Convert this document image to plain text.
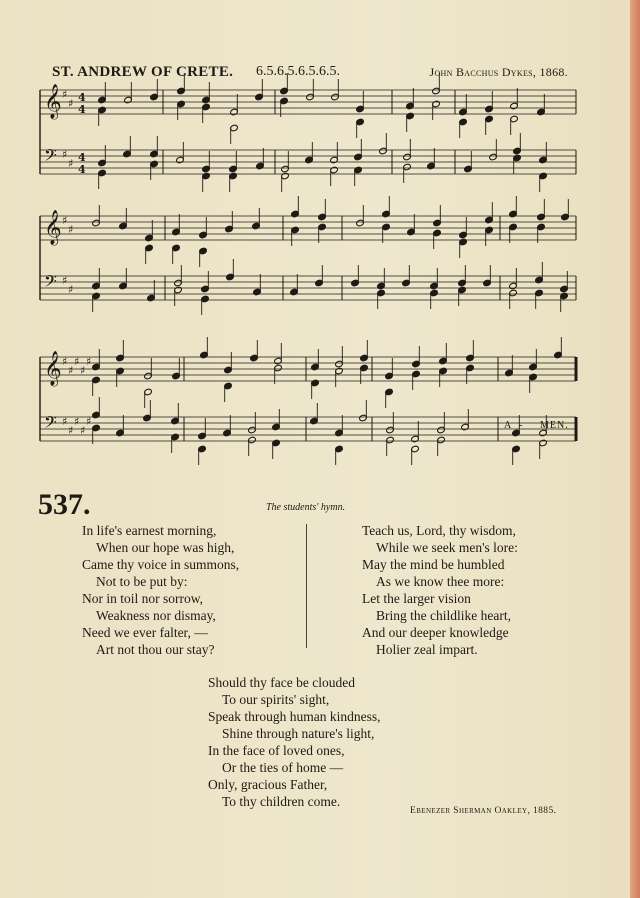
ST. ANDREW OF CRETE. 6.5.6.5.6.5.6.5.	John Bacchus Dykes, 1868.
𝄞 ♯
♯ 4
4
𝄢 ♯
♯ 4
4
𝄞 ♯
♯
𝄢 ♯
♯
𝄞 ♯
♯
♯
♯
♯
𝄢 ♯
♯
♯
♯
♯	A - MEN.
537.	The students' hymn.
In life's earnest morning,
When our hope was high,
Came thy voice in summons,
Not to be put by:
Nor in toil nor sorrow,
Weakness nor dismay,
Need we ever falter, —
Art not thou our stay?
Teach us, Lord, thy wisdom,
While we seek men's lore:
May the mind be humbled
As we know thee more:
Let the larger vision
Bring the childlike heart,
And our deeper knowledge
Holier zeal impart.
Should thy face be clouded
To our spirits' sight,
Speak through human kindness,
Shine through nature's light,
In the face of loved ones,
Or the ties of home —
Only, gracious Father,
To thy children come.
Ebenezer Sherman Oakley, 1885.
